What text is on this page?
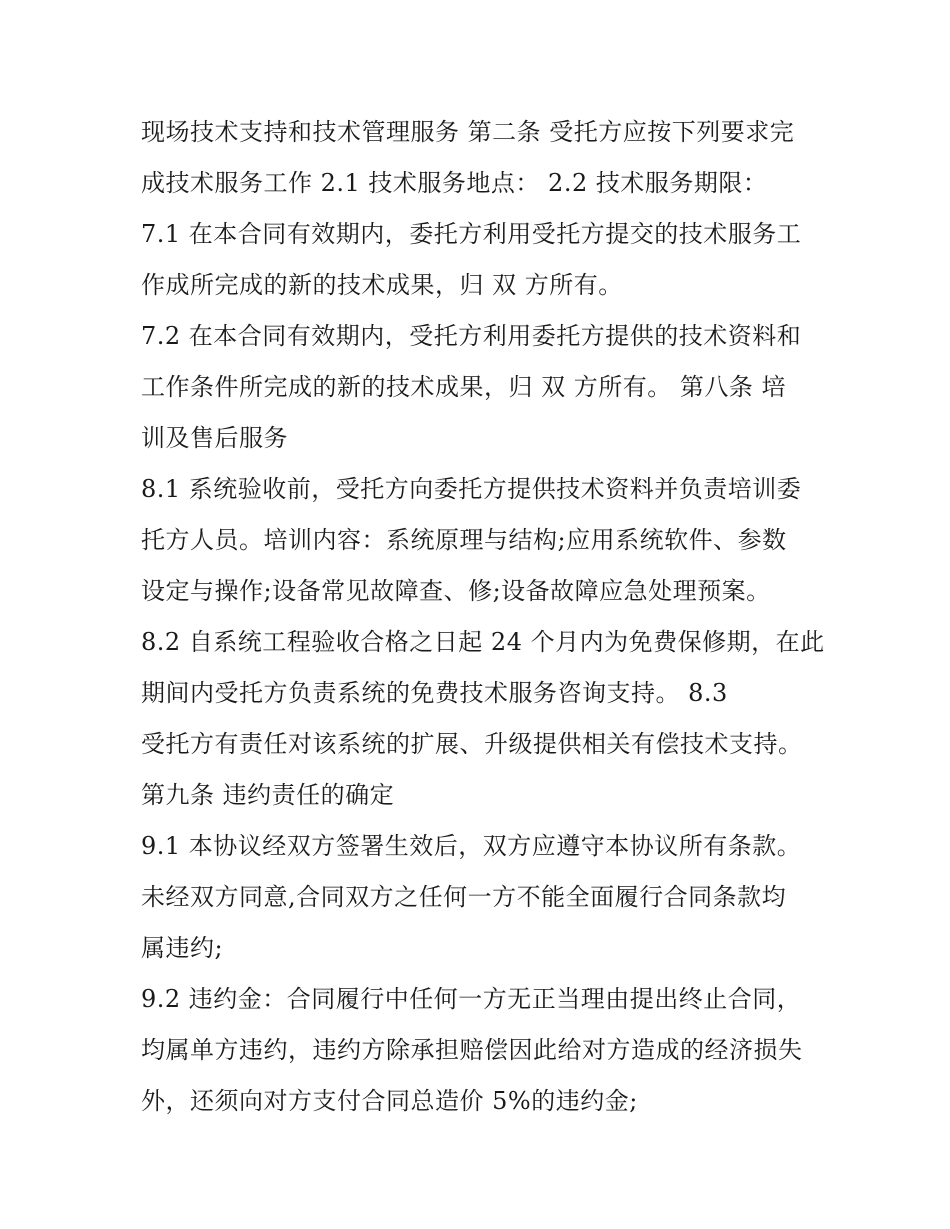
现场技术支持和技术管理服务 第二条 受托方应按下列要求完
成技术服务工作 2.1 技术服务地点： 2.2 技术服务期限：
7.1 在本合同有效期内，委托方利用受托方提交的技术服务工
作成所完成的新的技术成果，归 双 方所有。
7.2 在本合同有效期内，受托方利用委托方提供的技术资料和
工作条件所完成的新的技术成果，归 双 方所有。 第八条 培
训及售后服务
8.1 系统验收前，受托方向委托方提供技术资料并负责培训委
托方人员。培训内容：系统原理与结构;应用系统软件、参数
设定与操作;设备常见故障查、修;设备故障应急处理预案。
8.2 自系统工程验收合格之日起 24 个月内为免费保修期，在此
期间内受托方负责系统的免费技术服务咨询支持。 8.3
受托方有责任对该系统的扩展、升级提供相关有偿技术支持。
第九条 违约责任的确定
9.1 本协议经双方签署生效后，双方应遵守本协议所有条款。
未经双方同意,合同双方之任何一方不能全面履行合同条款均
属违约;
9.2 违约金：合同履行中任何一方无正当理由提出终止合同，
均属单方违约，违约方除承担赔偿因此给对方造成的经济损失
外，还须向对方支付合同总造价 5%的违约金;
